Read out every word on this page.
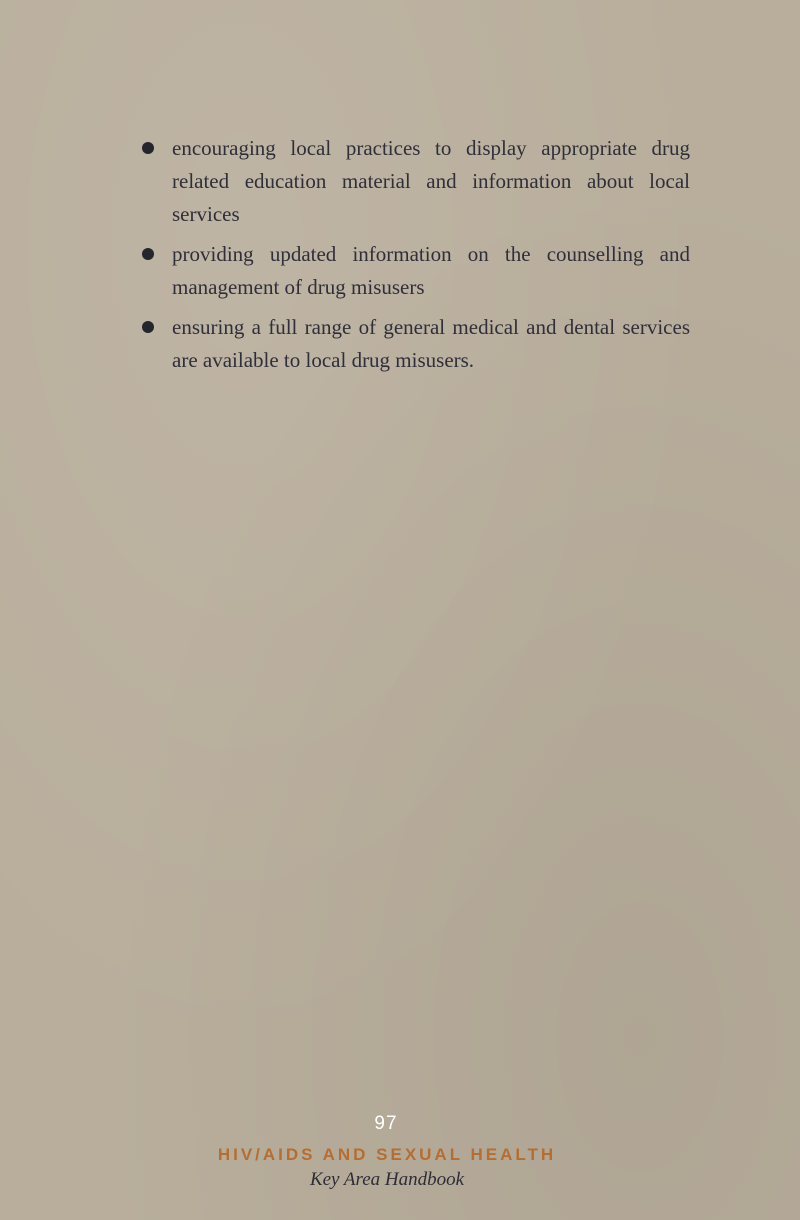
encouraging local practices to display appropriate drug related education material and information about local services
providing updated information on the counselling and management of drug misusers
ensuring a full range of general medical and dental services are available to local drug misusers.
97
HIV/AIDS AND SEXUAL HEALTH
Key Area Handbook
